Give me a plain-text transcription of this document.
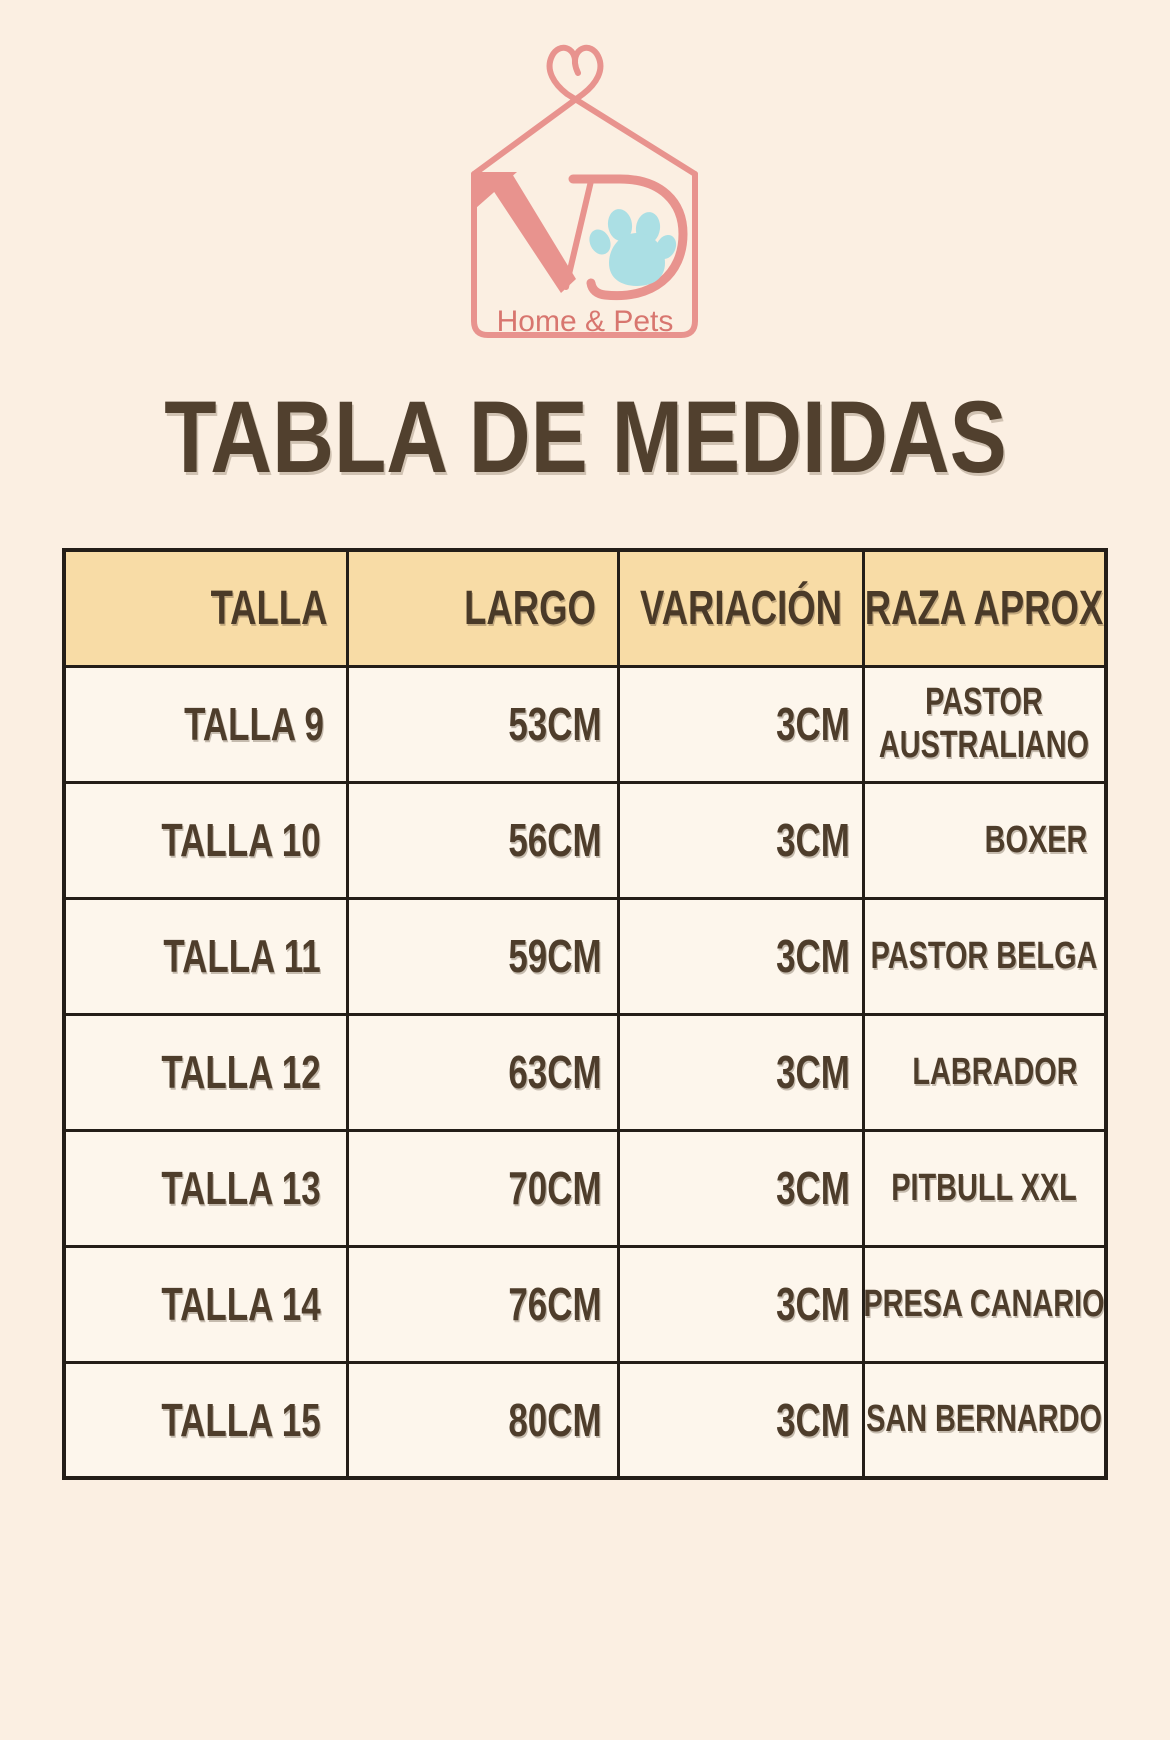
Home & Pets
TABLA DE MEDIDAS
TALLA	LARGO	VARIACIÓN	RAZA APROX
TALLA 9	53CM	3CM	PASTOR AUSTRALIANO
TALLA 10	56CM	3CM	BOXER
TALLA 11	59CM	3CM	PASTOR BELGA
TALLA 12	63CM	3CM	LABRADOR
TALLA 13	70CM	3CM	PITBULL XXL
TALLA 14	76CM	3CM	PRESA CANARIO
TALLA 15	80CM	3CM	SAN BERNARDO
